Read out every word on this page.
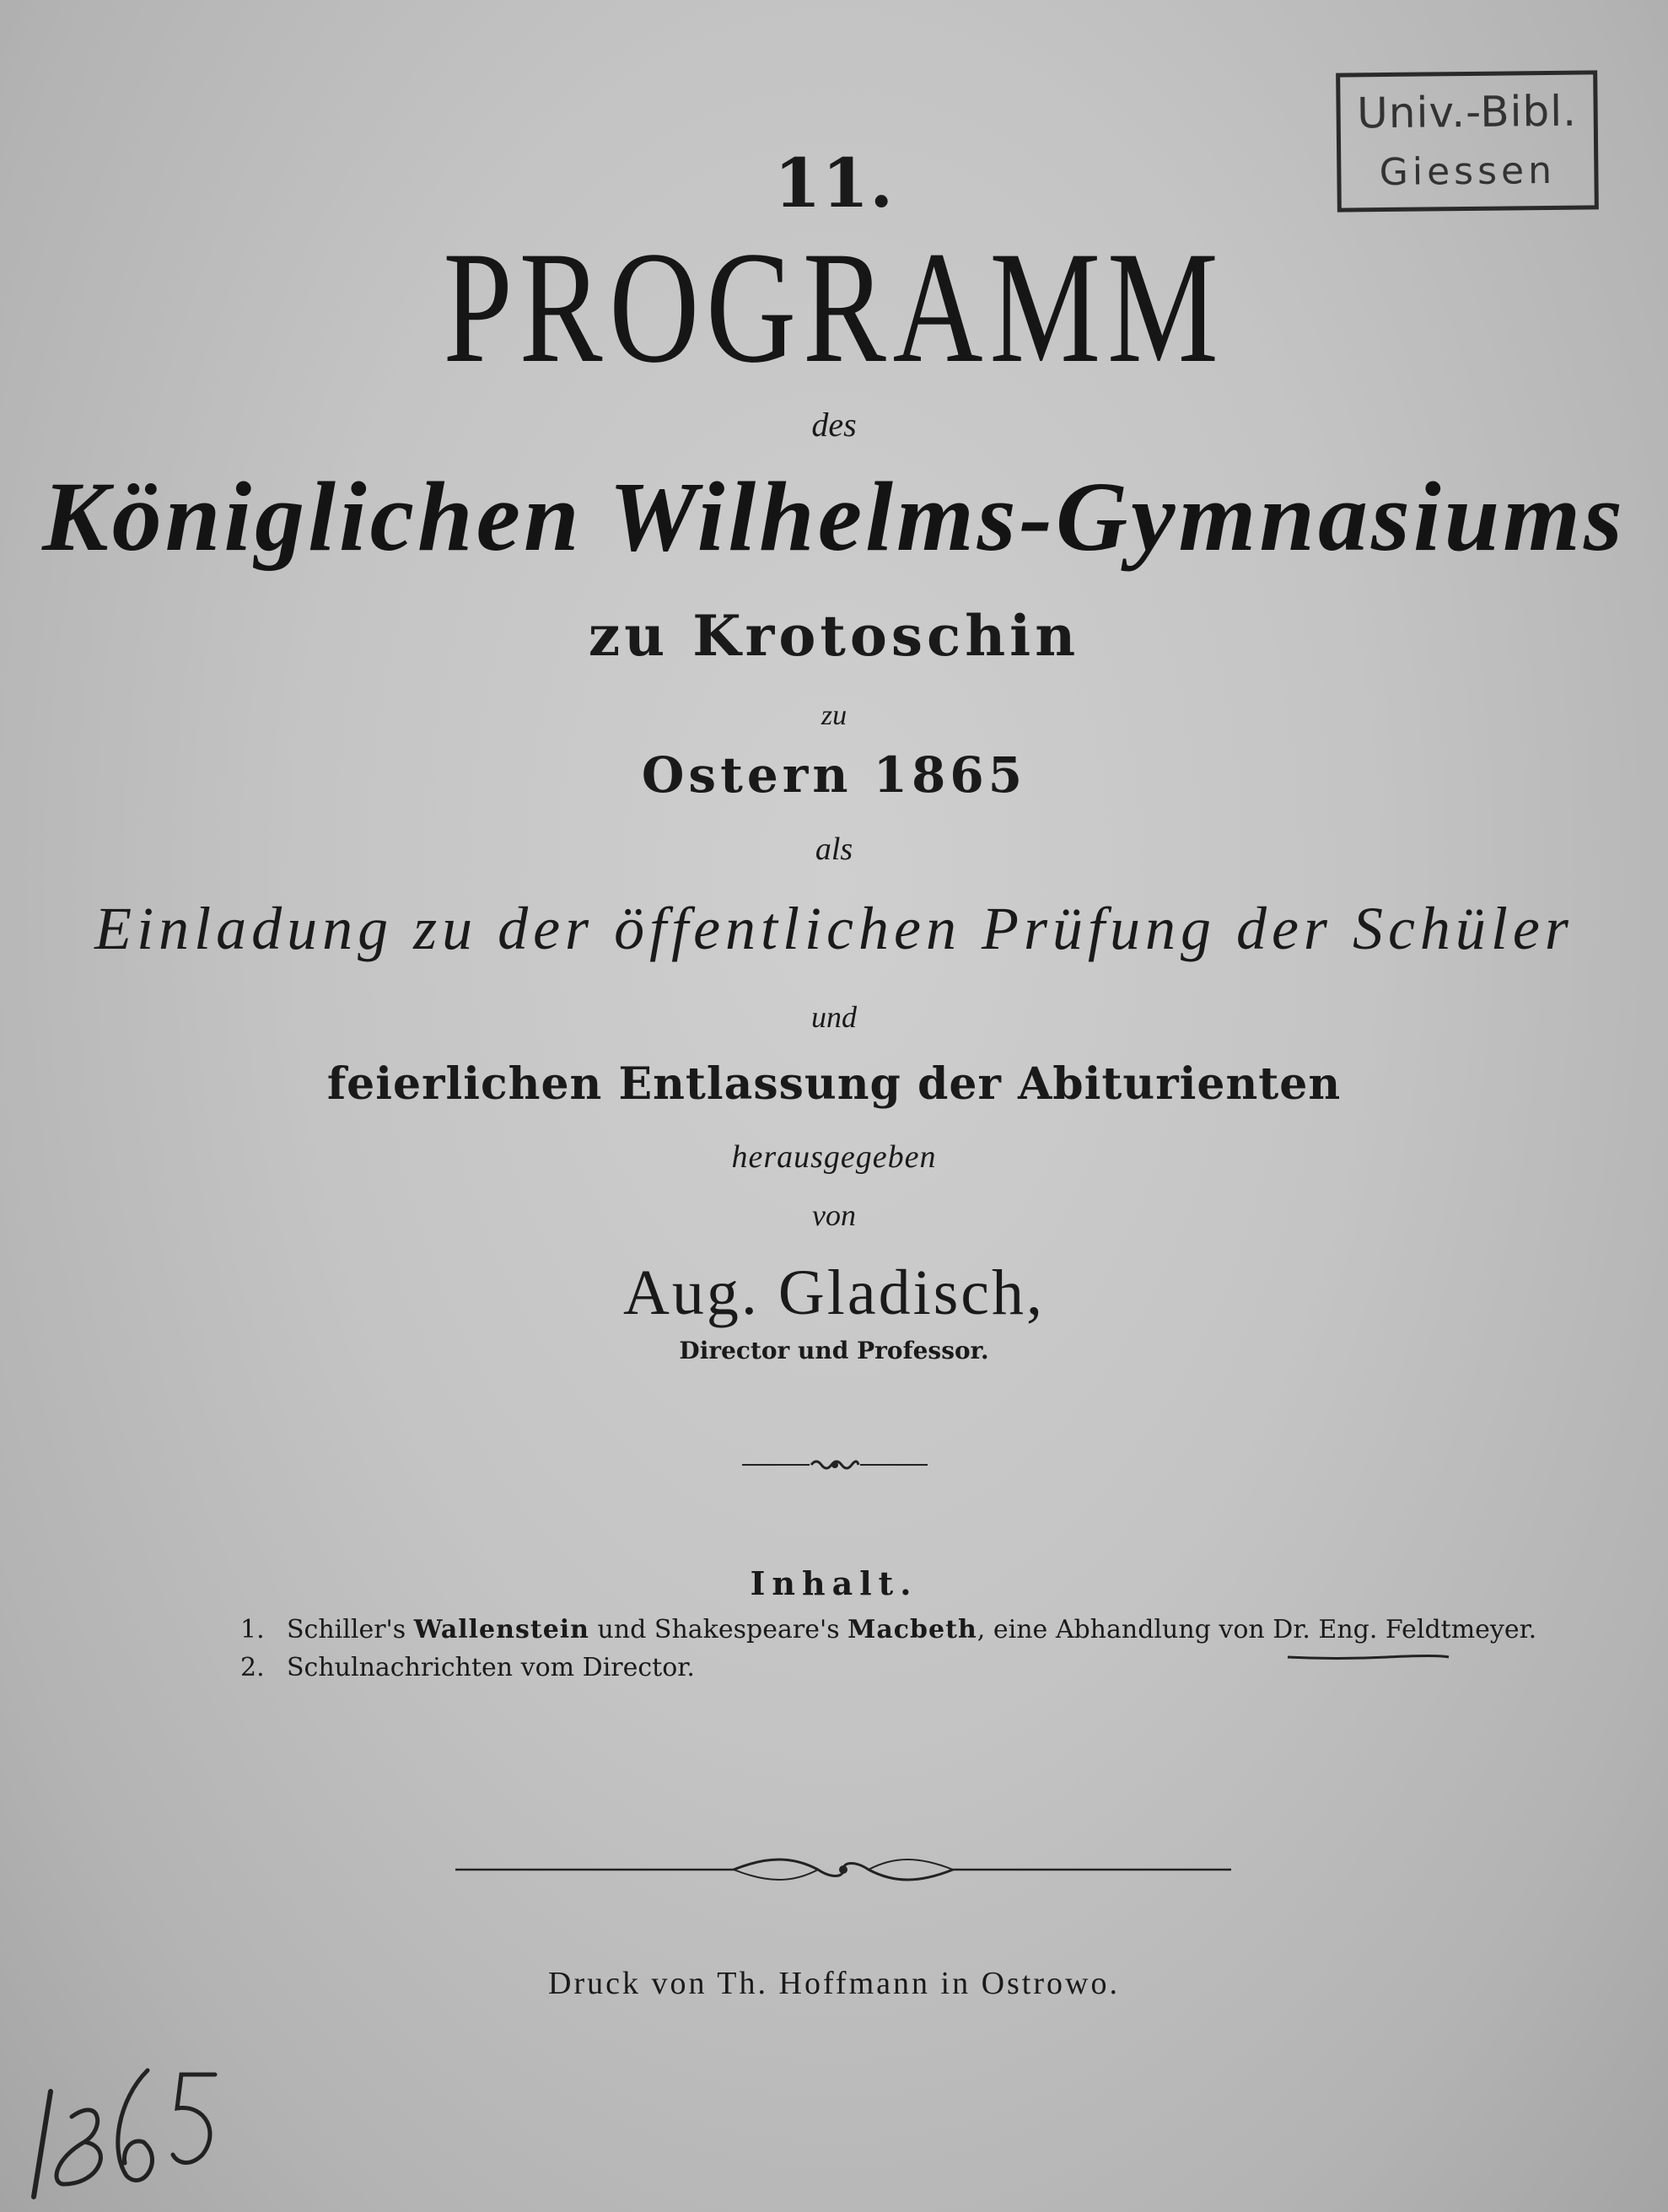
Univ.-Bibl.
Giessen
11.
PROGRAMM
des
Königlichen Wilhelms-Gymnasiums
zu Krotoschin
zu
Ostern 1865
als
Einladung zu der öffentlichen Prüfung der Schüler
und
feierlichen Entlassung der Abiturienten
herausgegeben
von
Aug. Gladisch,
Director und Professor.
Inhalt.
1. Schiller's Wallenstein und Shakespeare's Macbeth, eine Abhandlung von Dr. Eng. Feldtmeyer.
2. Schulnachrichten vom Director.
Druck von Th. Hoffmann in Ostrowo.
